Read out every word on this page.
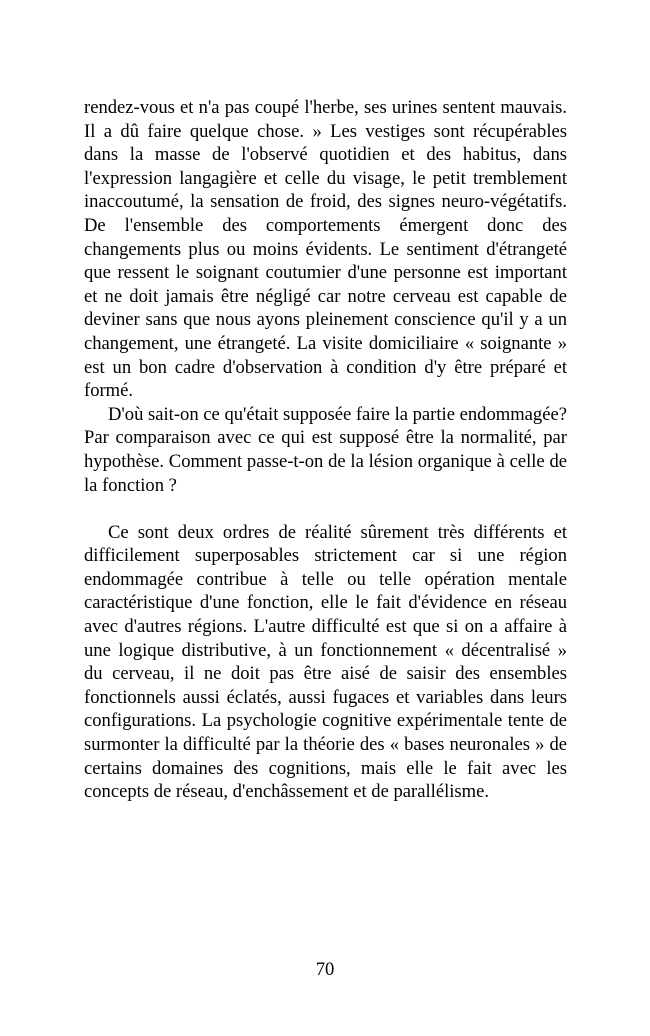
rendez-vous et n'a pas coupé l'herbe, ses urines sentent mauvais. Il a dû faire quelque chose. » Les vestiges sont récupérables dans la masse de l'observé quotidien et des habitus, dans l'expression langagière et celle du visage, le petit tremblement inaccoutumé, la sensation de froid, des signes neuro-végétatifs. De l'ensemble des comportements émergent donc des changements plus ou moins évidents. Le sentiment d'étrangeté que ressent le soignant coutumier d'une personne est important et ne doit jamais être négligé car notre cerveau est capable de deviner sans que nous ayons pleinement conscience qu'il y a un changement, une étrangeté. La visite domiciliaire « soignante » est un bon cadre d'observation à condition d'y être préparé et formé.

D'où sait-on ce qu'était supposée faire la partie endommagée? Par comparaison avec ce qui est supposé être la normalité, par hypothèse. Comment passe-t-on de la lésion organique à celle de la fonction ?

Ce sont deux ordres de réalité sûrement très différents et difficilement superposables strictement car si une région endommagée contribue à telle ou telle opération mentale caractéristique d'une fonction, elle le fait d'évidence en réseau avec d'autres régions. L'autre difficulté est que si on a affaire à une logique distributive, à un fonctionnement « décentralisé » du cerveau, il ne doit pas être aisé de saisir des ensembles fonctionnels aussi éclatés, aussi fugaces et variables dans leurs configurations. La psychologie cognitive expérimentale tente de surmonter la difficulté par la théorie des « bases neuronales » de certains domaines des cognitions, mais elle le fait avec les concepts de réseau, d'enchâssement et de parallélisme.

70
